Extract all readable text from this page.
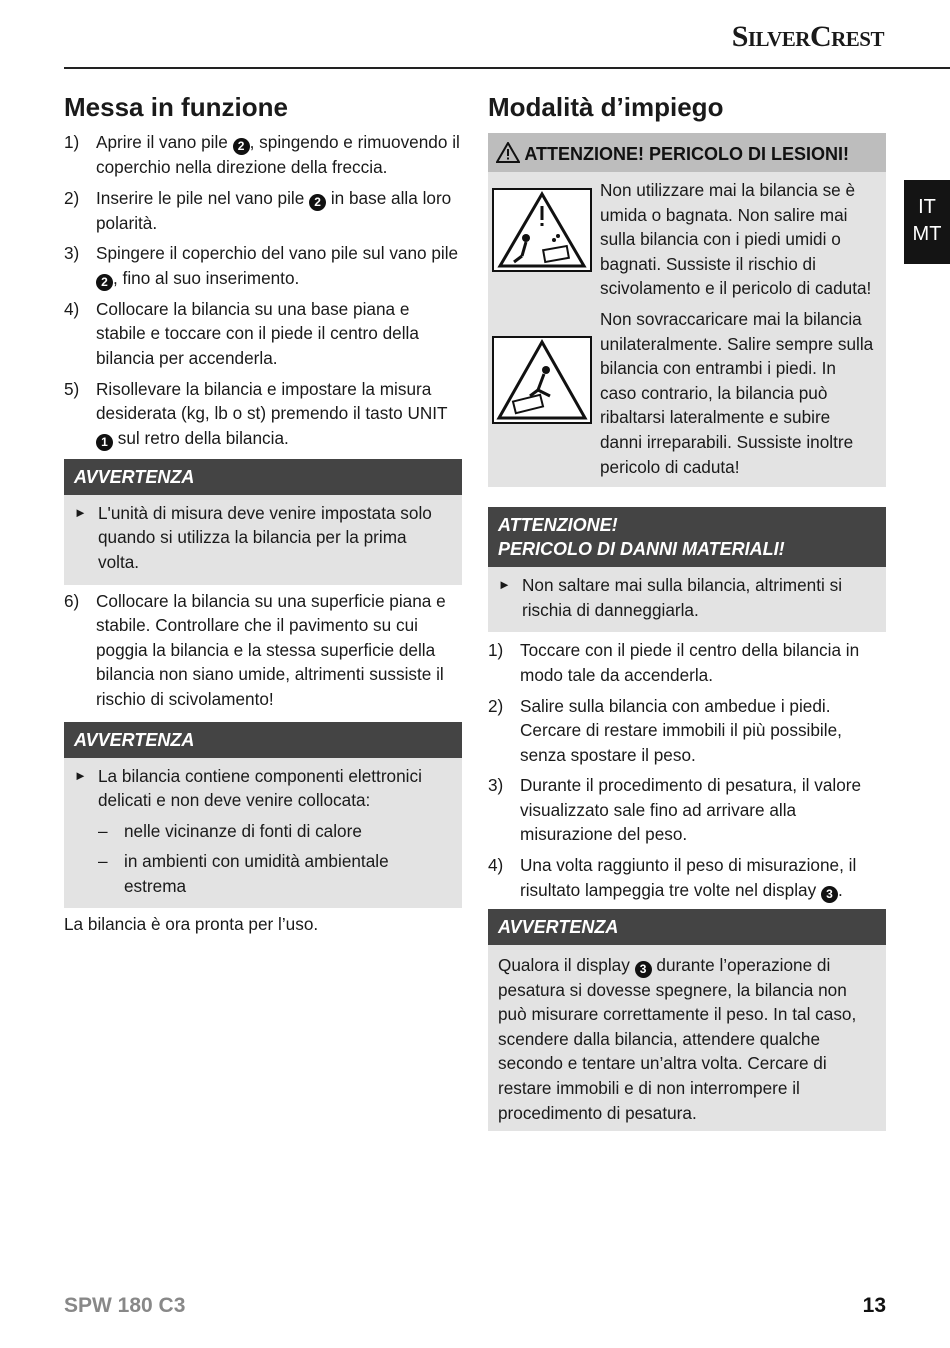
SilverCrest
IT
MT
Messa in funzione
1) Aprire il vano pile 2 , spingendo e rimuovendo il coperchio nella direzione della freccia.
2) Inserire le pile nel vano pile 2 in base alla loro polarità.
3) Spingere il coperchio del vano pile sul vano pile 2 , fino al suo inserimento.
4) Collocare la bilancia su una base piana e stabile e toccare con il piede il centro della bilancia per accenderla.
5) Risollevare la bilancia e impostare la misura desiderata (kg, lb o st) premendo il tasto UNIT 1 sul retro della bilancia.
AVVERTENZA
► L'unità di misura deve venire impostata solo quando si utilizza la bilancia per la prima volta.
6) Collocare la bilancia su una superficie piana e stabile. Controllare che il pavimento su cui poggia la bilancia e la stessa superficie della bilancia non siano umide, altrimenti sussiste il rischio di scivolamento!
AVVERTENZA
► La bilancia contiene componenti elettronici delicati e non deve venire collocata:
– nelle vicinanze di fonti di calore
– in ambienti con umidità ambientale estrema
La bilancia è ora pronta per l’uso.
Modalità d’impiego
ATTENZIONE! PERICOLO DI LESIONI!
Non utilizzare mai la bilancia se è umida o bagnata. Non salire mai sulla bilancia con i piedi umidi o bagnati. Sussiste il rischio di scivolamento e il pericolo di caduta!
Non sovraccaricare mai la bilancia unilateralmente. Salire sempre sulla bilancia con entrambi i piedi. In caso contrario, la bilancia può ribaltarsi lateralmente e subire danni irreparabili. Sussiste inoltre pericolo di caduta!
ATTENZIONE!
PERICOLO DI DANNI MATERIALI!
► Non saltare mai sulla bilancia, altrimenti si rischia di danneggiarla.
1) Toccare con il piede il centro della bilancia in modo tale da accenderla.
2) Salire sulla bilancia con ambedue i piedi. Cercare di restare immobili il più possibile, senza spostare il peso.
3) Durante il procedimento di pesatura, il valore visualizzato sale fino ad arrivare alla misurazione del peso.
4) Una volta raggiunto il peso di misurazione, il risultato lampeggia tre volte nel display 3 .
AVVERTENZA
Qualora il display 3 durante l’operazione di pesatura si dovesse spegnere, la bilancia non può misurare correttamente il peso. In tal caso, scendere dalla bilancia, attendere qualche secondo e tentare un’altra volta. Cercare di restare immobili e di non interrompere il procedimento di pesatura.
SPW 180 C3	13
